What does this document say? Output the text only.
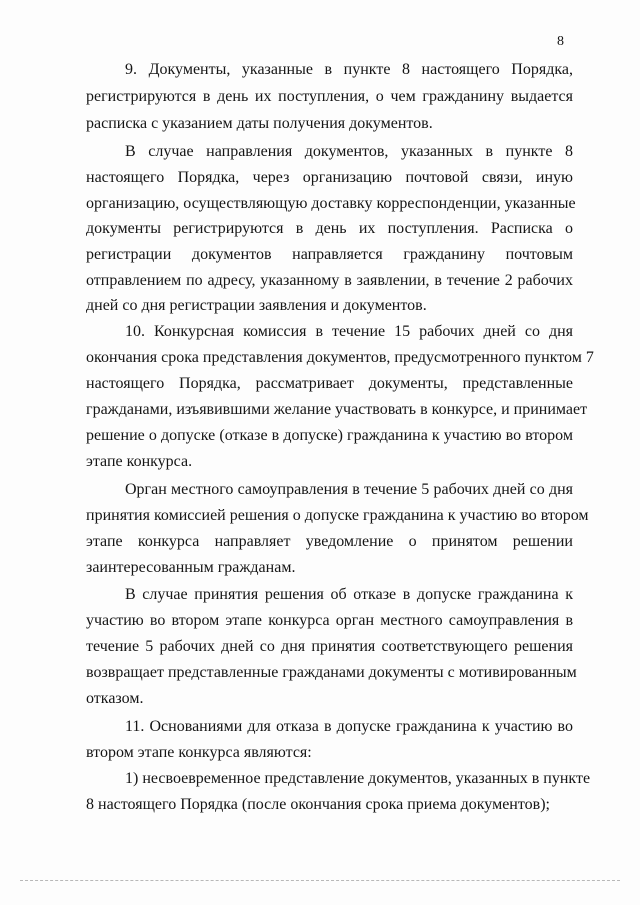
8
9. Документы, указанные в пункте 8 настоящего Порядка,
регистрируются в день их поступления, о чем гражданину выдается
расписка с указанием даты получения документов.
В случае направления документов, указанных в пункте 8
настоящего Порядка, через организацию почтовой связи, иную
организацию, осуществляющую доставку корреспонденции, указанные
документы регистрируются в день их поступления. Расписка о
регистрации документов направляется гражданину почтовым
отправлением по адресу, указанному в заявлении, в течение 2 рабочих
дней со дня регистрации заявления и документов.
10. Конкурсная комиссия в течение 15 рабочих дней со дня
окончания срока представления документов, предусмотренного пунктом 7
настоящего Порядка, рассматривает документы, представленные
гражданами, изъявившими желание участвовать в конкурсе, и принимает
решение о допуске (отказе в допуске) гражданина к участию во втором
этапе конкурса.
Орган местного самоуправления в течение 5 рабочих дней со дня
принятия комиссией решения о допуске гражданина к участию во втором
этапе конкурса направляет уведомление о принятом решении
заинтересованным гражданам.
В случае принятия решения об отказе в допуске гражданина к
участию во втором этапе конкурса орган местного самоуправления в
течение 5 рабочих дней со дня принятия соответствующего решения
возвращает представленные гражданами документы с мотивированным
отказом.
11. Основаниями для отказа в допуске гражданина к участию во
втором этапе конкурса являются:
1) несвоевременное представление документов, указанных в пункте
8 настоящего Порядка (после окончания срока приема документов);
